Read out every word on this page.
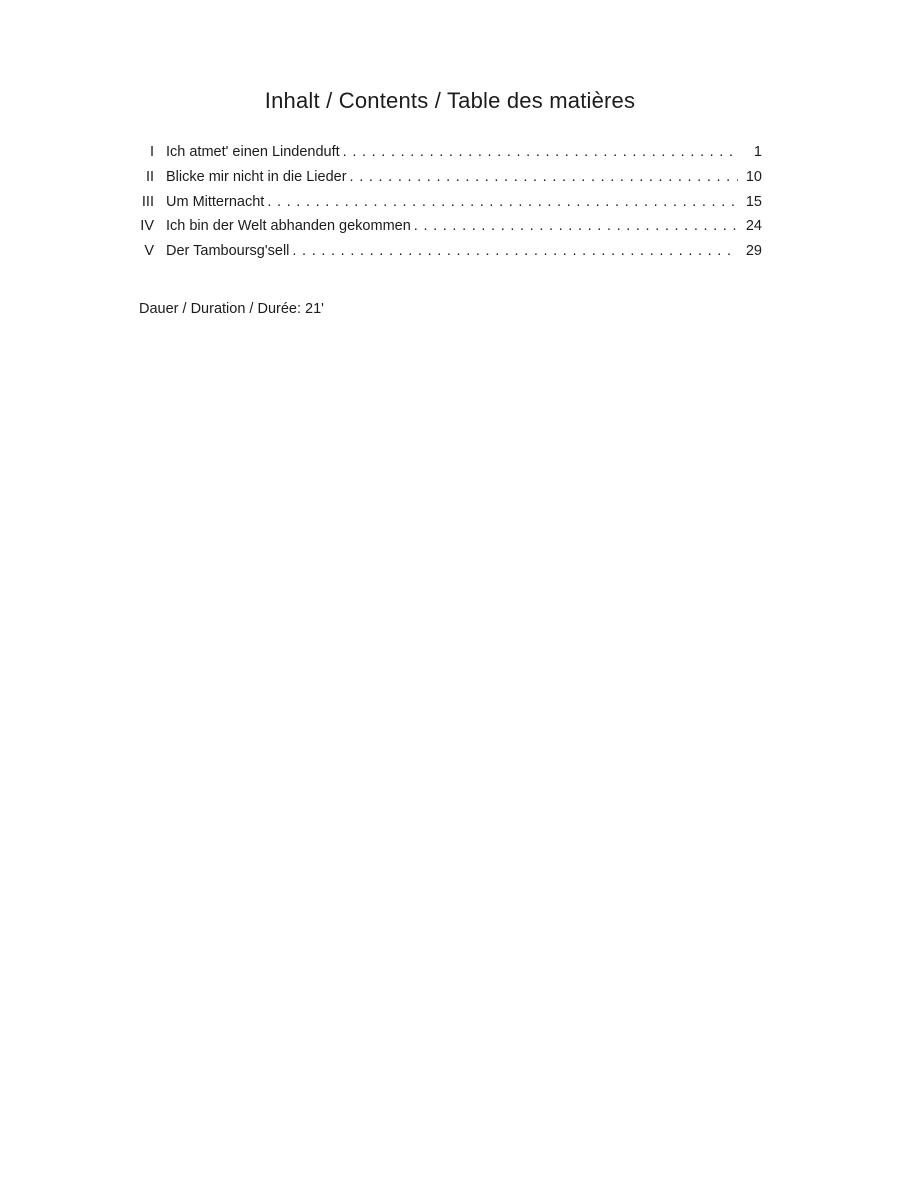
Inhalt / Contents / Table des matières
I Ich atmet' einen Lindenduft . . .	1
II Blicke mir nicht in die Lieder . . .	10
III Um Mitternacht . . .	15
IV Ich bin der Welt abhanden gekommen . . .	24
V Der Tamboursg'sell . . .	29
Dauer / Duration / Durée: 21'
